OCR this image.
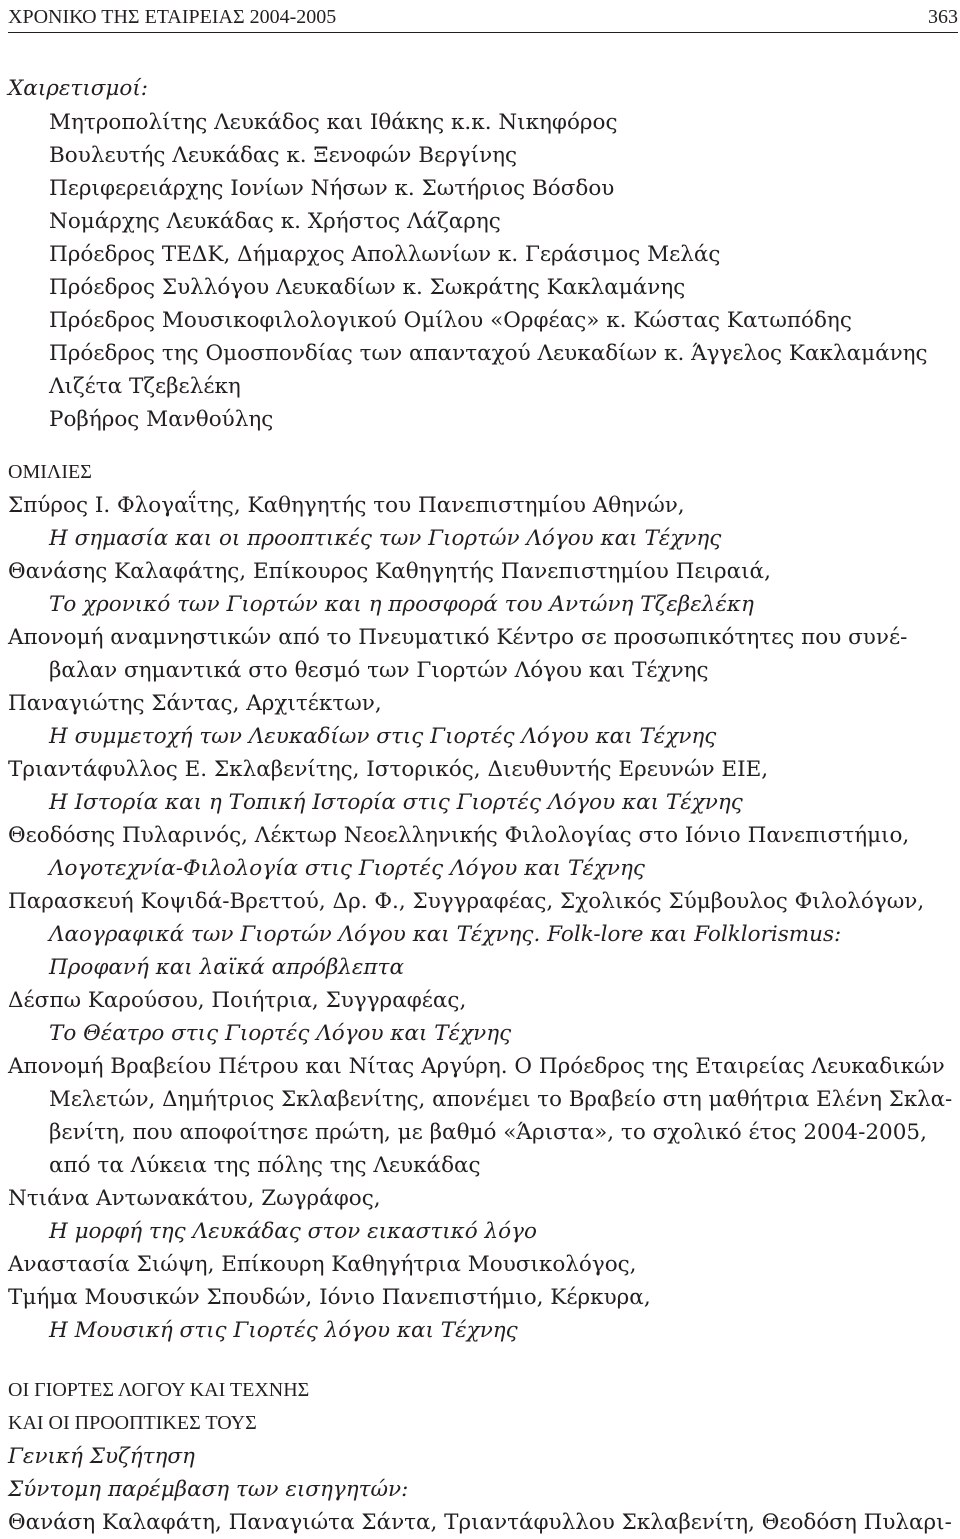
ΧΡΟΝΙΚΟ ΤΗΣ ΕΤΑΙΡΕΙΑΣ 2004-2005	363
Χαιρετισμοί:
Μητροπολίτης Λευκάδος και Ιθάκης κ.κ. Νικηφόρος
Βουλευτής Λευκάδας κ. Ξενοφών Βεργίνης
Περιφερειάρχης Ιονίων Νήσων κ. Σωτήριος Βόσδου
Νομάρχης Λευκάδας κ. Χρήστος Λάζαρης
Πρόεδρος ΤΕΔΚ, Δήμαρχος Απολλωνίων κ. Γεράσιμος Μελάς
Πρόεδρος Συλλόγου Λευκαδίων κ. Σωκράτης Κακλαμάνης
Πρόεδρος Μουσικοφιλολογικού Ομίλου «Ορφέας» κ. Κώστας Κατωπόδης
Πρόεδρος της Ομοσπονδίας των απανταχού Λευκαδίων κ. Άγγελος Κακλαμάνης
Λιζέτα Τζεβελέκη
Ροβήρος Μανθούλης
ΟΜΙΛΙΕΣ
Σπύρος Ι. Φλογαΐτης, Καθηγητής του Πανεπιστημίου Αθηνών,
Η σημασία και οι προοπτικές των Γιορτών Λόγου και Τέχνης
Θανάσης Καλαφάτης, Επίκουρος Καθηγητής Πανεπιστημίου Πειραιά,
Το χρονικό των Γιορτών και η προσφορά του Αντώνη Τζεβελέκη
Απονομή αναμνηστικών από το Πνευματικό Κέντρο σε προσωπικότητες που συνέ-
βαλαν σημαντικά στο θεσμό των Γιορτών Λόγου και Τέχνης
Παναγιώτης Σάντας, Αρχιτέκτων,
Η συμμετοχή των Λευκαδίων στις Γιορτές Λόγου και Τέχνης
Τριαντάφυλλος Ε. Σκλαβενίτης, Ιστορικός, Διευθυντής Ερευνών ΕΙΕ,
Η Ιστορία και η Τοπική Ιστορία στις Γιορτές Λόγου και Τέχνης
Θεοδόσης Πυλαρινός, Λέκτωρ Νεοελληνικής Φιλολογίας στο Ιόνιο Πανεπιστήμιο,
Λογοτεχνία-Φιλολογία στις Γιορτές Λόγου και Τέχνης
Παρασκευή Κοψιδά-Βρεττού, Δρ. Φ., Συγγραφέας, Σχολικός Σύμβουλος Φιλολόγων,
Λαογραφικά των Γιορτών Λόγου και Τέχνης. Folk-lore και Folklorismus:
Προφανή και λαϊκά απρόβλεπτα
Δέσπω Καρούσου, Ποιήτρια, Συγγραφέας,
Το Θέατρο στις Γιορτές Λόγου και Τέχνης
Απονομή Βραβείου Πέτρου και Νίτας Αργύρη. Ο Πρόεδρος της Εταιρείας Λευκαδικών
Μελετών, Δημήτριος Σκλαβενίτης, απονέμει το Βραβείο στη μαθήτρια Ελένη Σκλα-
βενίτη, που αποφοίτησε πρώτη, με βαθμό «Άριστα», το σχολικό έτος 2004-2005,
από τα Λύκεια της πόλης της Λευκάδας
Ντιάνα Αντωνακάτου, Ζωγράφος,
Η μορφή της Λευκάδας στον εικαστικό λόγο
Αναστασία Σιώψη, Επίκουρη Καθηγήτρια Μουσικολόγος,
Τμήμα Μουσικών Σπουδών, Ιόνιο Πανεπιστήμιο, Κέρκυρα,
Η Μουσική στις Γιορτές λόγου και Τέχνης
ΟΙ ΓΙΟΡΤΕΣ ΛΟΓΟΥ ΚΑΙ ΤΕΧΝΗΣ
ΚΑΙ ΟΙ ΠΡΟΟΠΤΙΚΕΣ ΤΟΥΣ
Γενική Συζήτηση
Σύντομη παρέμβαση των εισηγητών:
Θανάση Καλαφάτη, Παναγιώτα Σάντα, Τριαντάφυλλου Σκλαβενίτη, Θεοδόση Πυλαρι-
